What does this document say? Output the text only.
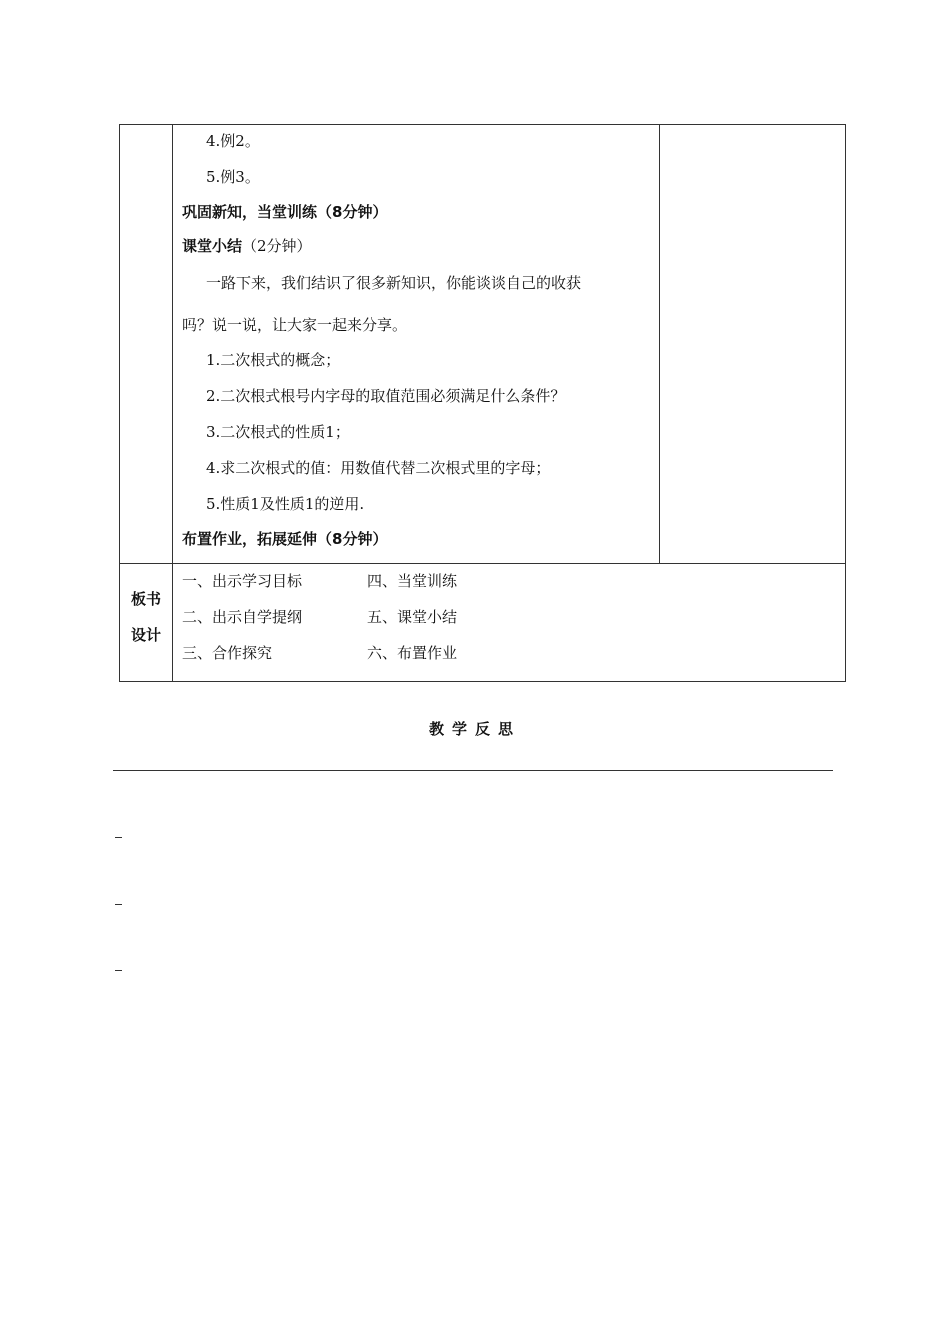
4.例2。
5.例3。
巩固新知，当堂训练（8分钟）
课堂小结（2分钟）
一路下来，我们结识了很多新知识，你能谈谈自己的收获
吗？说一说，让大家一起来分享。
1.二次根式的概念；
2.二次根式根号内字母的取值范围必须满足什么条件？
3.二次根式的性质1；
4.求二次根式的值：用数值代替二次根式里的字母；
5.性质1及性质1的逆用.
布置作业，拓展延伸（8分钟）
板书
设计
一、出示学习目标
二、出示自学提纲
三、合作探究
四、当堂训练
五、课堂小结
六、布置作业
教学反思
